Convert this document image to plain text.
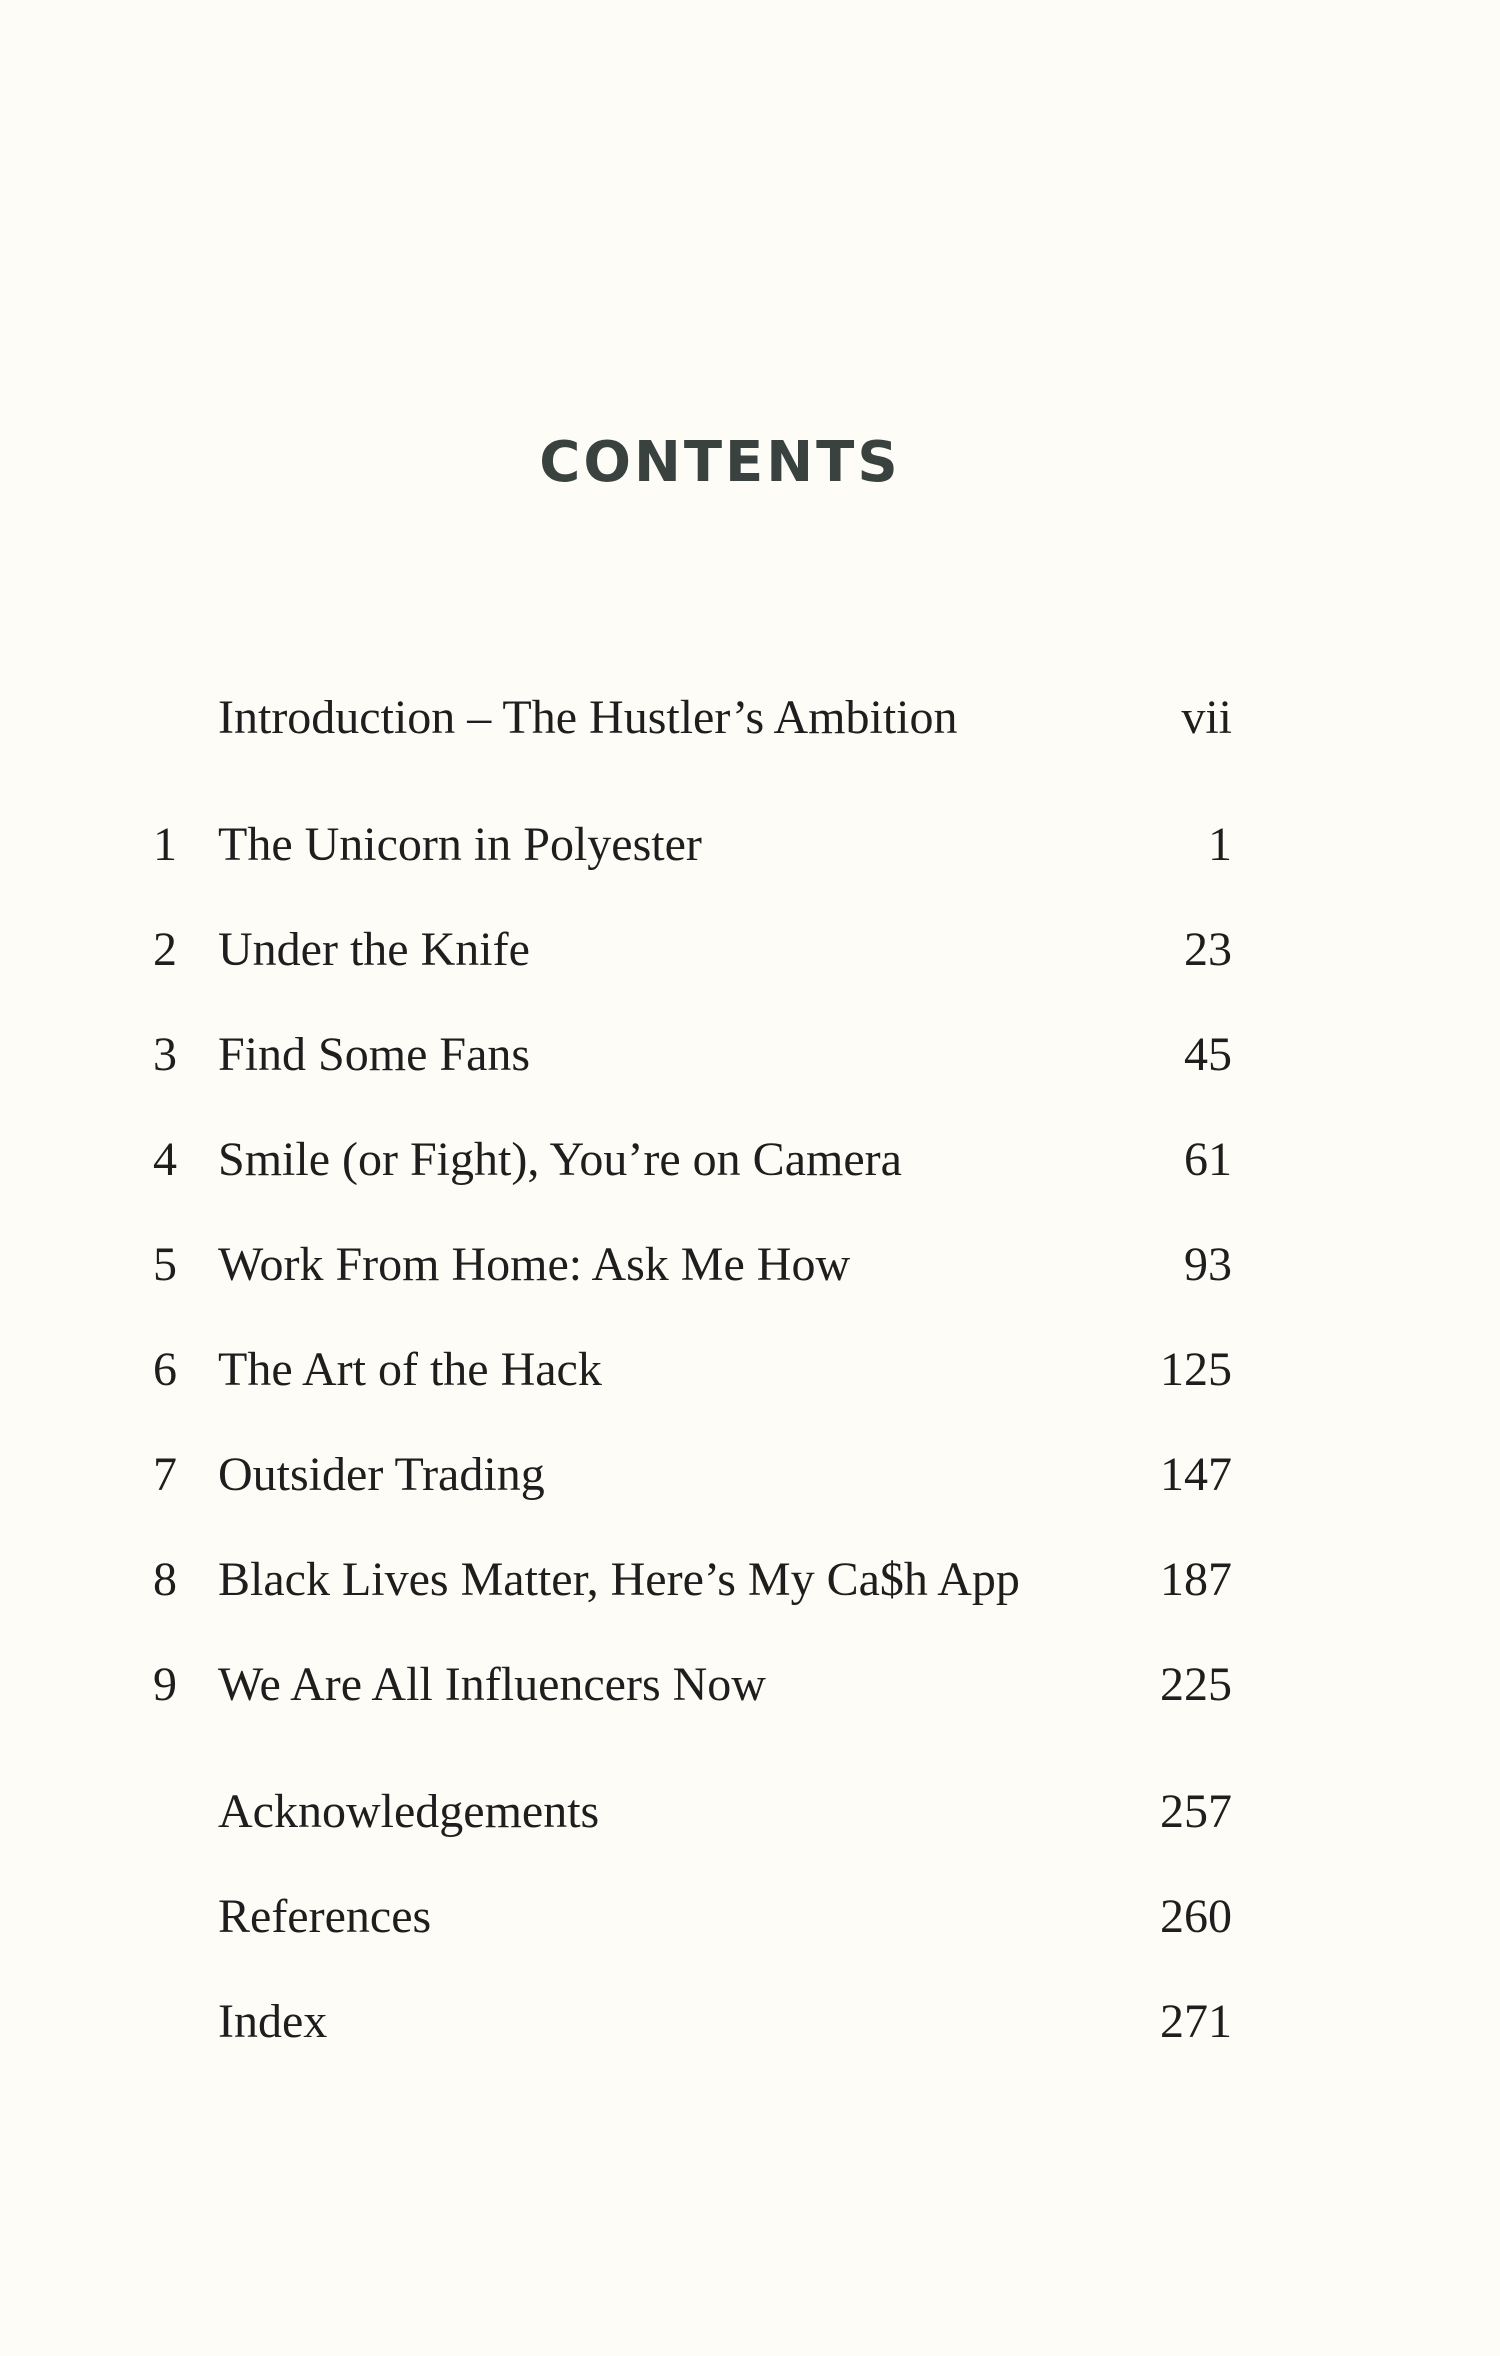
CONTENTS
Introduction – The Hustler’s Ambition	vii
1 The Unicorn in Polyester	1
2 Under the Knife	23
3 Find Some Fans	45
4 Smile (or Fight), You’re on Camera	61
5 Work From Home: Ask Me How	93
6 The Art of the Hack	125
7 Outsider Trading	147
8 Black Lives Matter, Here’s My Ca$h App	187
9 We Are All Influencers Now	225
Acknowledgements	257
References	260
Index	271
